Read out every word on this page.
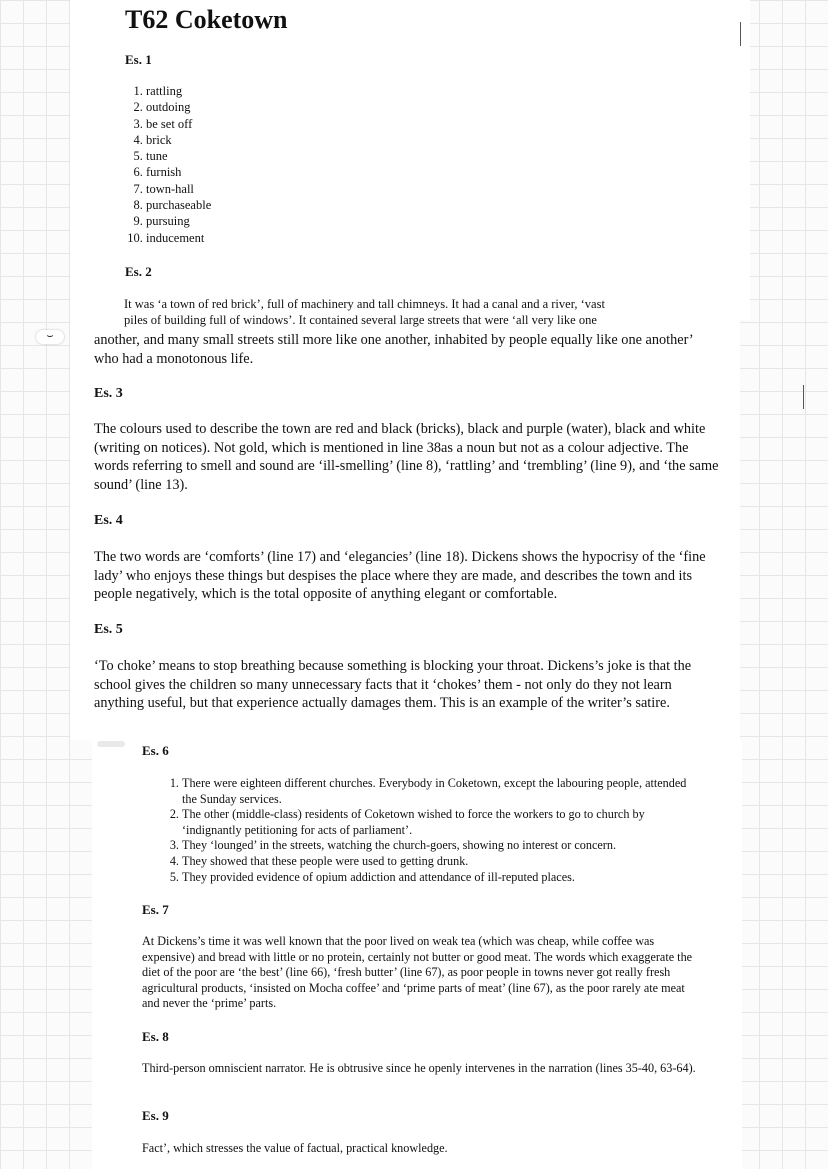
⌣
T62 Coketown
Es. 1
1. rattling
2. outdoing
3. be set off
4. brick
5. tune
6. furnish
7. town-hall
8. purchaseable
9. pursuing
10. inducement
Es. 2
It was ‘a town of red brick’, full of machinery and tall chimneys. It had a canal and a river, ‘vast
piles of building full of windows’. It contained several large streets that were ‘all very like one
another, and many small streets still more like one another, inhabited by people equally like one another’ who had a monotonous life.
Es. 3
The colours used to describe the town are red and black (bricks), black and purple (water), black and white (writing on notices). Not gold, which is mentioned in line 38as a noun but not as a colour adjective. The words referring to smell and sound are ‘ill-smelling’ (line 8), ‘rattling’ and ‘trembling’ (line 9), and ‘the same sound’ (line 13).
Es. 4
The two words are ‘comforts’ (line 17) and ‘elegancies’ (line 18). Dickens shows the hypocrisy of the ‘fine lady’ who enjoys these things but despises the place where they are made, and describes the town and its people negatively, which is the total opposite of anything elegant or comfortable.
Es. 5
‘To choke’ means to stop breathing because something is blocking your throat. Dickens’s joke is that the school gives the children so many unnecessary facts that it ‘chokes’ them - not only do they not learn anything useful, but that experience actually damages them. This is an example of the writer’s satire.
Es. 6
1. There were eighteen different churches. Everybody in Coketown, except the labouring people, attended the Sunday services.
2. The other (middle-class) residents of Coketown wished to force the workers to go to church by ‘indignantly petitioning for acts of parliament’.
3. They ‘lounged’ in the streets, watching the church-goers, showing no interest or concern.
4. They showed that these people were used to getting drunk.
5. They provided evidence of opium addiction and attendance of ill-reputed places.
Es. 7
At Dickens’s time it was well known that the poor lived on weak tea (which was cheap, while coffee was expensive) and bread with little or no protein, certainly not butter or good meat. The words which exaggerate the diet of the poor are ‘the best’ (line 66), ‘fresh butter’ (line 67), as poor people in towns never got really fresh agricultural products, ‘insisted on Mocha coffee’ and ‘prime parts of meat’ (line 67), as the poor rarely ate meat and never the ‘prime’ parts.
Es. 8
Third-person omniscient narrator. He is obtrusive since he openly intervenes in the narration (lines 35-40, 63-64).
Es. 9
Fact’, which stresses the value of factual, practical knowledge.
